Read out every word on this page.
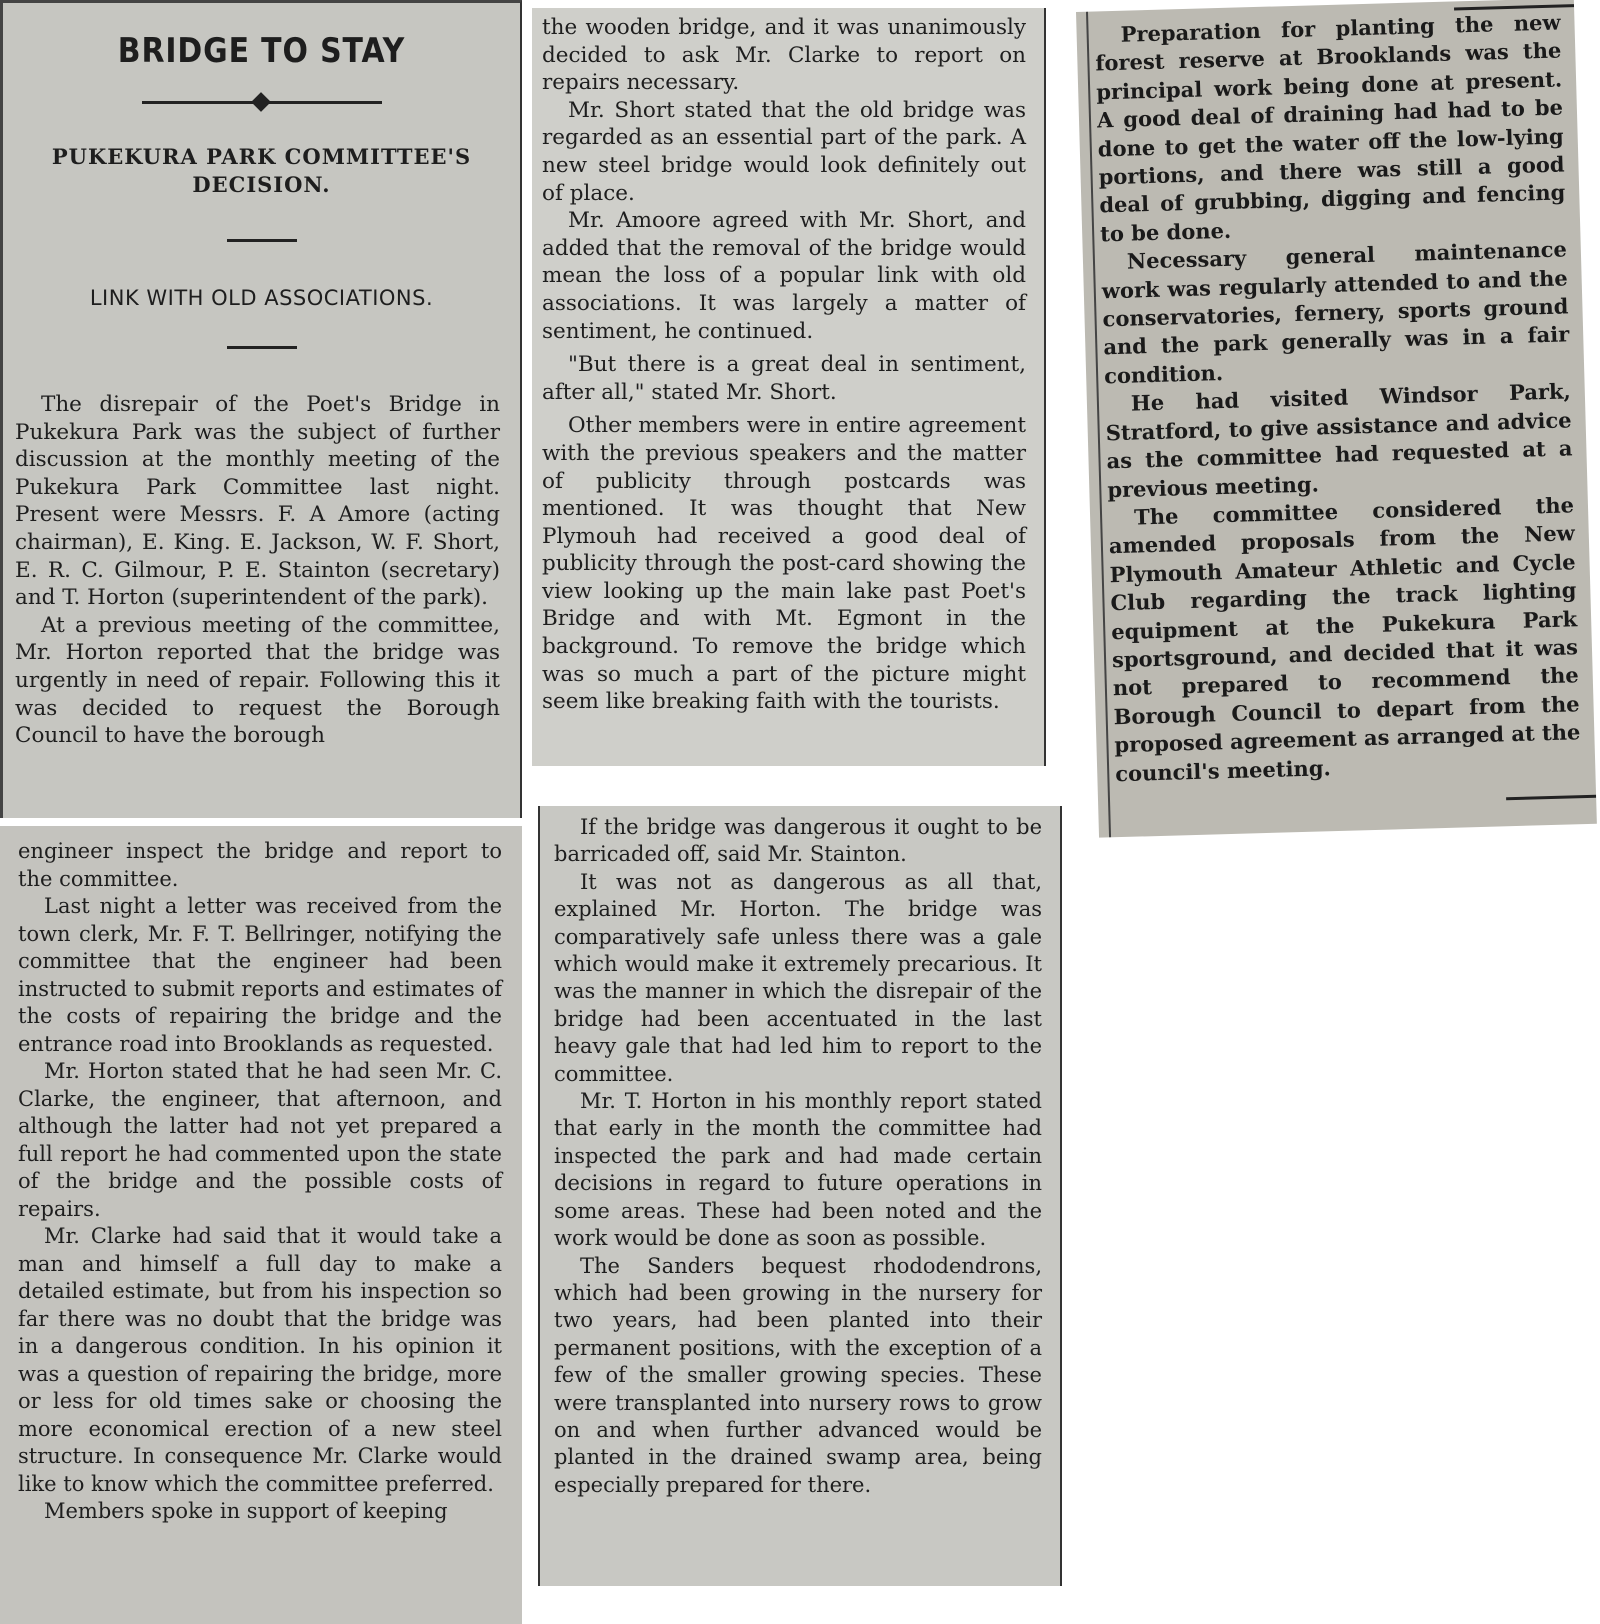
BRIDGE TO STAY
PUKEKURA PARK COMMITTEE'S DECISION.
LINK WITH OLD ASSOCIATIONS.

The disrepair of the Poet's Bridge in Pukekura Park was the subject of further discussion at the monthly meeting of the Pukekura Park Committee last night. Present were Messrs. F. A Amore (acting chairman), E. King. E. Jackson, W. F. Short, E. R. C. Gilmour, P. E. Stainton (secretary) and T. Horton (superintendent of the park).

At a previous meeting of the committee, Mr. Horton reported that the bridge was urgently in need of repair. Following this it was decided to request the Borough Council to have the borough

the wooden bridge, and it was unanimously decided to ask Mr. Clarke to report on repairs necessary.

Mr. Short stated that the old bridge was regarded as an essential part of the park. A new steel bridge would look definitely out of place.

Mr. Amoore agreed with Mr. Short, and added that the removal of the bridge would mean the loss of a popular link with old associations. It was largely a matter of sentiment, he continued.

"But there is a great deal in sentiment, after all," stated Mr. Short.

Other members were in entire agreement with the previous speakers and the matter of publicity through postcards was mentioned. It was thought that New Plymouh had received a good deal of publicity through the post-card showing the view looking up the main lake past Poet's Bridge and with Mt. Egmont in the background. To remove the bridge which was so much a part of the picture might seem like breaking faith with the tourists.

Preparation for planting the new forest reserve at Brooklands was the principal work being done at present. A good deal of draining had had to be done to get the water off the low-lying portions, and there was still a good deal of grubbing, digging and fencing to be done.

Necessary general maintenance work was regularly attended to and the conservatories, fernery, sports ground and the park generally was in a fair condition.

He had visited Windsor Park, Stratford, to give assistance and advice as the committee had requested at a previous meeting.

The committee considered the amended proposals from the New Plymouth Amateur Athletic and Cycle Club regarding the track lighting equipment at the Pukekura Park sportsground, and decided that it was not prepared to recommend the Borough Council to depart from the proposed agreement as arranged at the council's meeting.

engineer inspect the bridge and report to the committee.

Last night a letter was received from the town clerk, Mr. F. T. Bellringer, notifying the committee that the engineer had been instructed to submit reports and estimates of the costs of repairing the bridge and the entrance road into Brooklands as requested.

Mr. Horton stated that he had seen Mr. C. Clarke, the engineer, that afternoon, and although the latter had not yet prepared a full report he had commented upon the state of the bridge and the possible costs of repairs.

Mr. Clarke had said that it would take a man and himself a full day to make a detailed estimate, but from his inspection so far there was no doubt that the bridge was in a dangerous condition. In his opinion it was a question of repairing the bridge, more or less for old times sake or choosing the more economical erection of a new steel structure. In consequence Mr. Clarke would like to know which the committee preferred.

Members spoke in support of keeping

If the bridge was dangerous it ought to be barricaded off, said Mr. Stainton.

It was not as dangerous as all that, explained Mr. Horton. The bridge was comparatively safe unless there was a gale which would make it extremely precarious. It was the manner in which the disrepair of the bridge had been accentuated in the last heavy gale that had led him to report to the committee.

Mr. T. Horton in his monthly report stated that early in the month the committee had inspected the park and had made certain decisions in regard to future operations in some areas. These had been noted and the work would be done as soon as possible.

The Sanders bequest rhododendrons, which had been growing in the nursery for two years, had been planted into their permanent positions, with the exception of a few of the smaller growing species. These were transplanted into nursery rows to grow on and when further advanced would be planted in the drained swamp area, being especially prepared for there.
